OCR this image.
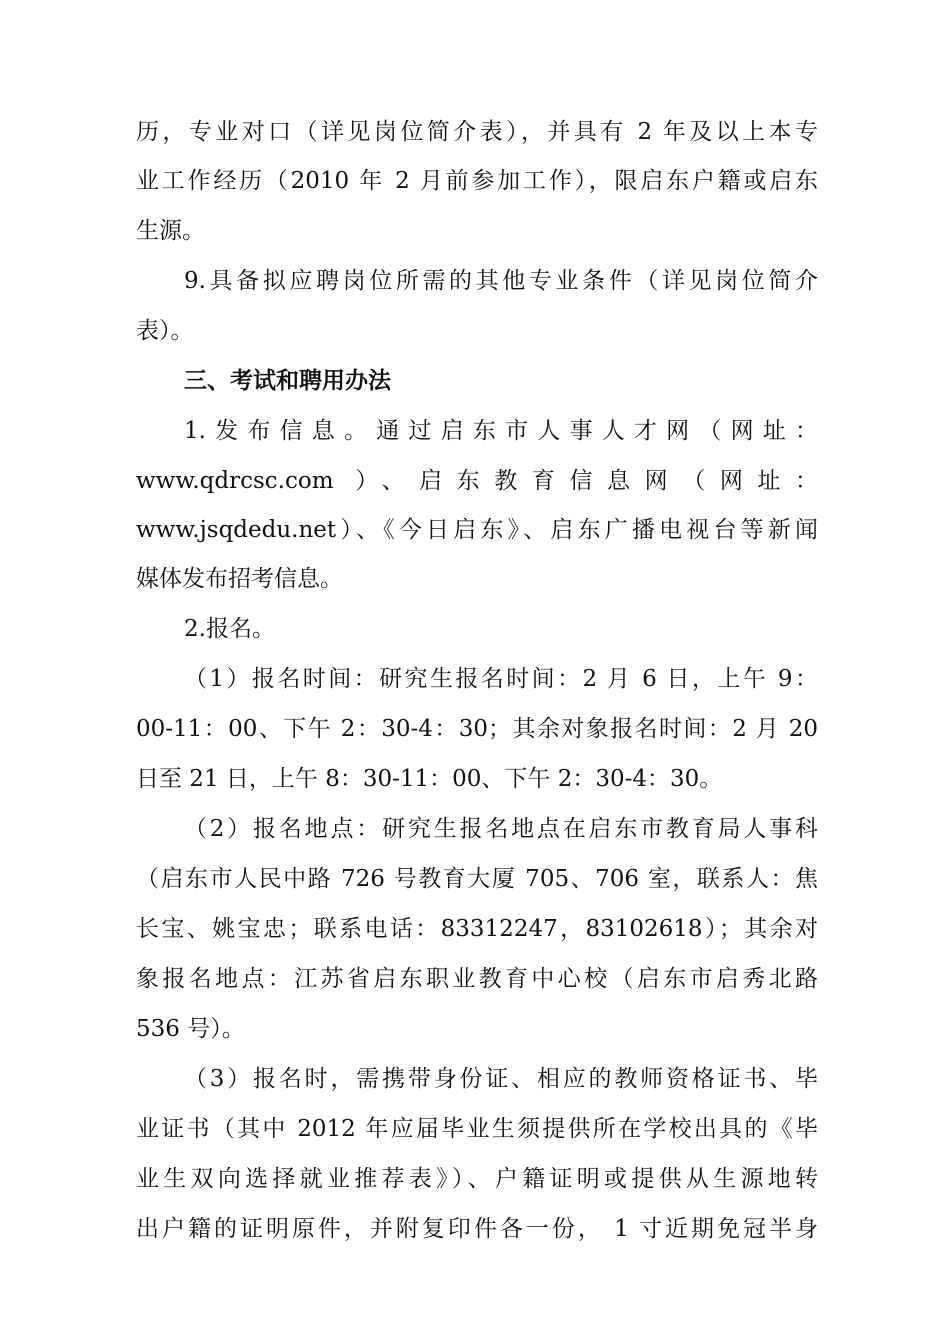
历，专业对口（详见岗位简介表），并具有 2 年及以上本专
业工作经历（2010 年 2 月前参加工作），限启东户籍或启东
生源。
9.具备拟应聘岗位所需的其他专业条件（详见岗位简介
表）。
三、考试和聘用办法
1.发布信息。通过启东市人事人才网（网址：
www.qdrcsc.com ）、启东教育信息网（网址：
www.jsqdedu.net）、《今日启东》、启东广播电视台等新闻
媒体发布招考信息。
2.报名。
（1）报名时间：研究生报名时间：2 月 6 日，上午 9：
00-11：00、下午 2：30-4：30；其余对象报名时间：2 月 20
日至 21 日，上午 8：30-11：00、下午 2：30-4：30。
（2）报名地点：研究生报名地点在启东市教育局人事科
（启东市人民中路 726 号教育大厦 705、706 室，联系人：焦
长宝、姚宝忠；联系电话：83312247，83102618）；其余对
象报名地点：江苏省启东职业教育中心校（启东市启秀北路
536 号）。
（3）报名时，需携带身份证、相应的教师资格证书、毕
业证书（其中 2012 年应届毕业生须提供所在学校出具的《毕
业生双向选择就业推荐表》）、户籍证明或提供从生源地转
出户籍的证明原件，并附复印件各一份， 1 寸近期免冠半身
